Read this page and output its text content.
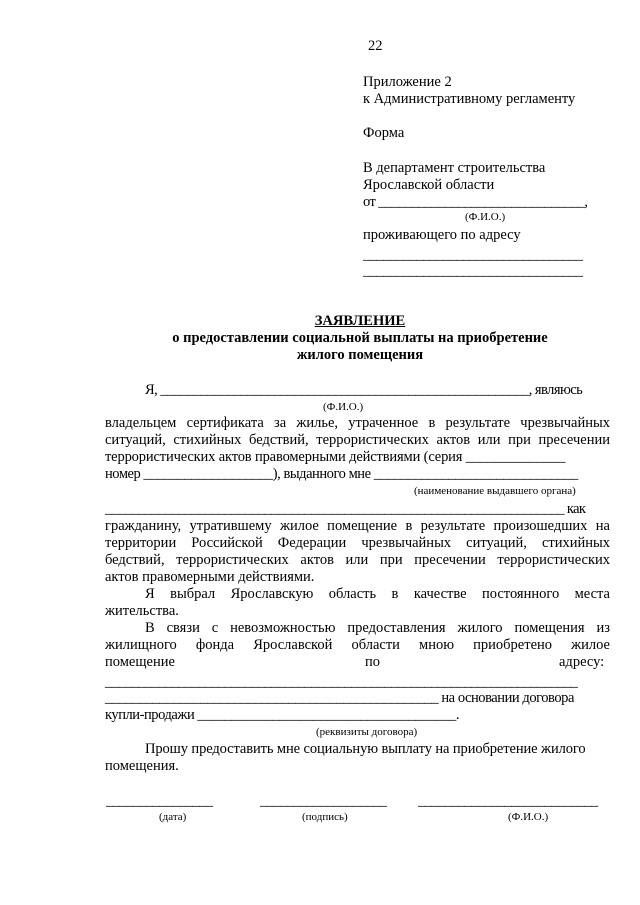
22
Приложение 2
к Административному регламенту
Форма
В департамент строительства
Ярославской области
от _______________________________,
(Ф.И.О.)
проживающего по адресу
_________________________________
_________________________________
ЗАЯВЛЕНИЕ
о предоставлении социальной выплаты на приобретение
жилого помещения
Я, _______________________________________________________, являюсь
(Ф.И.О.)
владельцем сертификата за жилье, утраченное в результате чрезвычайных
ситуаций, стихийных бедствий, террористических актов или при пресечении
террористических актов правомерными действиями (серия ______________
номер ___________________), выданного мне ______________________________
(наименование выдавшего органа)
_____________________________________________________________________ как
гражданину, утратившему жилое помещение в результате произошедших на
территории Российской Федерации чрезвычайных ситуаций, стихийных
бедствий, террористических актов или при пресечении террористических
актов правомерными действиями.
Я выбрал Ярославскую область в качестве постоянного места
жительства.
В связи с невозможностью предоставления жилого помещения из
жилищного фонда Ярославской области мною приобретено жилое
помещение	по	адресу:
_______________________________________________________________________
_________________________________________________ на основании договора
купли-продажи ______________________________________.
(реквизиты договора)
Прошу предоставить мне социальную выплату на приобретение жилого
помещения.
________________	___________________ ___________________________
(дата)	(подпись)	(Ф.И.О.)
